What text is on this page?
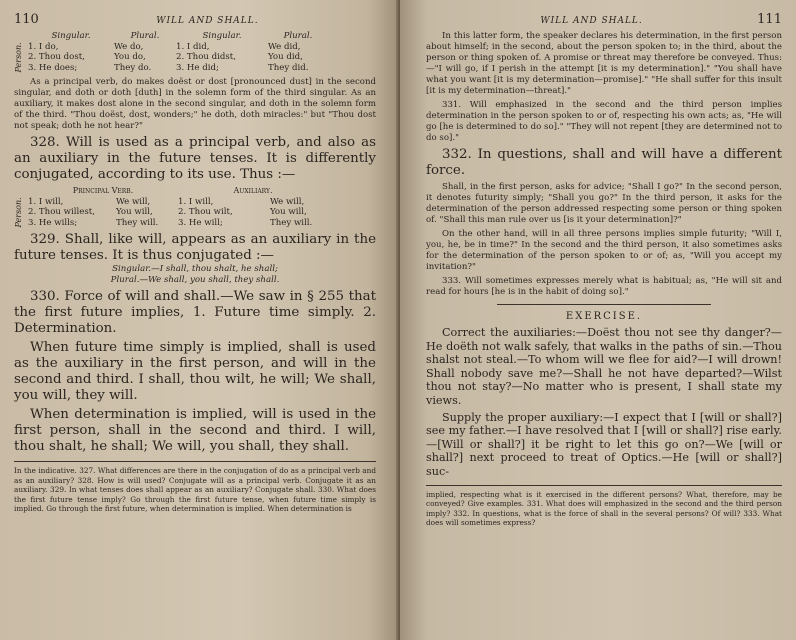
110	WILL AND SHALL.
Person.
Singular.	Plural.	Singular.	Plural.
1. I do,	We do,	1. I did,	We did,
2. Thou dost,	You do,	2. Thou didst,	You did,
3. He does;	They do.	3. He did;	They did.

As a principal verb, do makes doëst or dost [pronounced dust] in the second singular, and doth or doth [duth] in the solemn form of the third singular. As an auxiliary, it makes dost alone in the second singular, and doth in the solemn form of the third. "Thou doëst, dost, wonders;" he doth, doth miracles:" but "Thou dost not speak; doth he not hear?"

328. Will is used as a principal verb, and also as an auxiliary in the future tenses. It is differently conjugated, according to its use. Thus :—

Person.
Principal Verb.	Auxiliary.
1. I will,	We will,	1. I will,	We will,
2. Thou willest,	You will,	2. Thou wilt,	You will,
3. He wills;	They will.	3. He will;	They will.

329. Shall, like will, appears as an auxiliary in the future tenses. It is thus conjugated :—

Singular.—I shall, thou shalt, he shall;

Plural.—We shall, you shall, they shall.

330. Force of will and shall.—We saw in § 255 that the first future implies, 1. Future time simply. 2. Determination.

When future time simply is implied, shall is used as the auxiliary in the first person, and will in the second and third. I shall, thou wilt, he will; We shall, you will, they will.

When determination is implied, will is used in the first person, shall in the second and third. I will, thou shalt, he shall; We will, you shall, they shall.

In the indicative. 327. What differences are there in the conjugation of do as a principal verb and as an auxiliary? 328. How is will used? Conjugate will as a principal verb. Conjugate it as an auxiliary. 329. In what tenses does shall appear as an auxiliary? Conjugate shall. 330. What does the first future tense imply? Go through the first future tense, when future time simply is implied. Go through the first future, when determination is implied. When determination is

WILL AND SHALL.	111

In this latter form, the speaker declares his determination, in the first person about himself; in the second, about the person spoken to; in the third, about the person or thing spoken of. A promise or threat may therefore be conveyed. Thus:—"I will go, if I perish in the attempt [it is my determination]." "You shall have what you want [it is my determination—promise]." "He shall suffer for this insult [it is my determination—threat]."

331. Will emphasized in the second and the third person implies determination in the person spoken to or of, respecting his own acts; as, "He will go [he is determined to do so]." "They will not repent [they are determined not to do so]."

332. In questions, shall and will have a different force.

Shall, in the first person, asks for advice; "Shall I go?" In the second person, it denotes futurity simply; "Shall you go?" In the third person, it asks for the determination of the person addressed respecting some person or thing spoken of. "Shall this man rule over us [is it your determination]?"

On the other hand, will in all three persons implies simple futurity; "Will I, you, he, be in time?" In the second and the third person, it also sometimes asks for the determination of the person spoken to or of; as, "Will you accept my invitation?"

333. Will sometimes expresses merely what is habitual; as, "He will sit and read for hours [he is in the habit of doing so]."

EXERCISE.

Correct the auxiliaries:—Doëst thou not see thy danger?—He doëth not walk safely, that walks in the paths of sin.—Thou shalst not steal.—To whom will we flee for aid?—I will drown! Shall nobody save me?—Shall he not have departed?—Wilst thou not stay?—No matter who is present, I shall state my views.

Supply the proper auxiliary:—I expect that I [will or shall?] see my father.—I have resolved that I [will or shall?] rise early. —[Will or shall?] it be right to let this go on?—We [will or shall?] next proceed to treat of Optics.—He [will or shall?] suc-

implied, respecting what is it exercised in the different persons? What, therefore, may be conveyed? Give examples. 331. What does will emphasized in the second and the third person imply? 332. In questions, what is the force of shall in the several persons? Of will? 333. What does will sometimes express?
